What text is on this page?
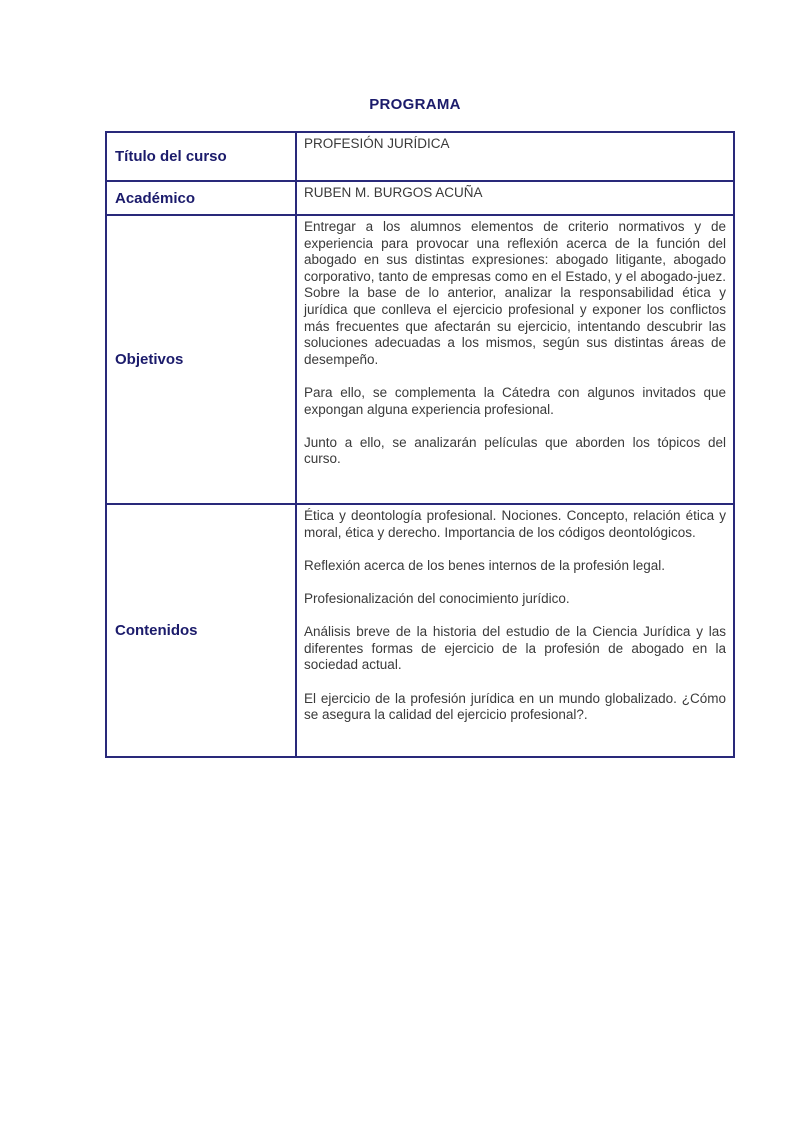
PROGRAMA
Título del curso

PROFESIÓN JURÍDICA

Académico	RUBEN M. BURGOS ACUÑA

Objetivos

Entregar a los alumnos elementos de criterio normativos y de experiencia para provocar una reflexión acerca de la función del abogado en sus distintas expresiones: abogado litigante, abogado corporativo, tanto de empresas como en el Estado, y el abogado-juez. Sobre la base de lo anterior, analizar la responsabilidad ética y jurídica que conlleva el ejercicio profesional y exponer los conflictos más frecuentes que afectarán su ejercicio, intentando descubrir las soluciones adecuadas a los mismos, según sus distintas áreas de desempeño.

Para ello, se complementa la Cátedra con algunos invitados que expongan alguna experiencia profesional.

Junto a ello, se analizarán películas que aborden los tópicos del curso.

Contenidos

Ética y deontología profesional. Nociones. Concepto, relación ética y moral, ética y derecho. Importancia de los códigos deontológicos.

Reflexión acerca de los benes internos de la profesión legal.

Profesionalización del conocimiento jurídico.

Análisis breve de la historia del estudio de la Ciencia Jurídica y las diferentes formas de ejercicio de la profesión de abogado en la sociedad actual.

El ejercicio de la profesión jurídica en un mundo globalizado. ¿Cómo se asegura la calidad del ejercicio profesional?.
